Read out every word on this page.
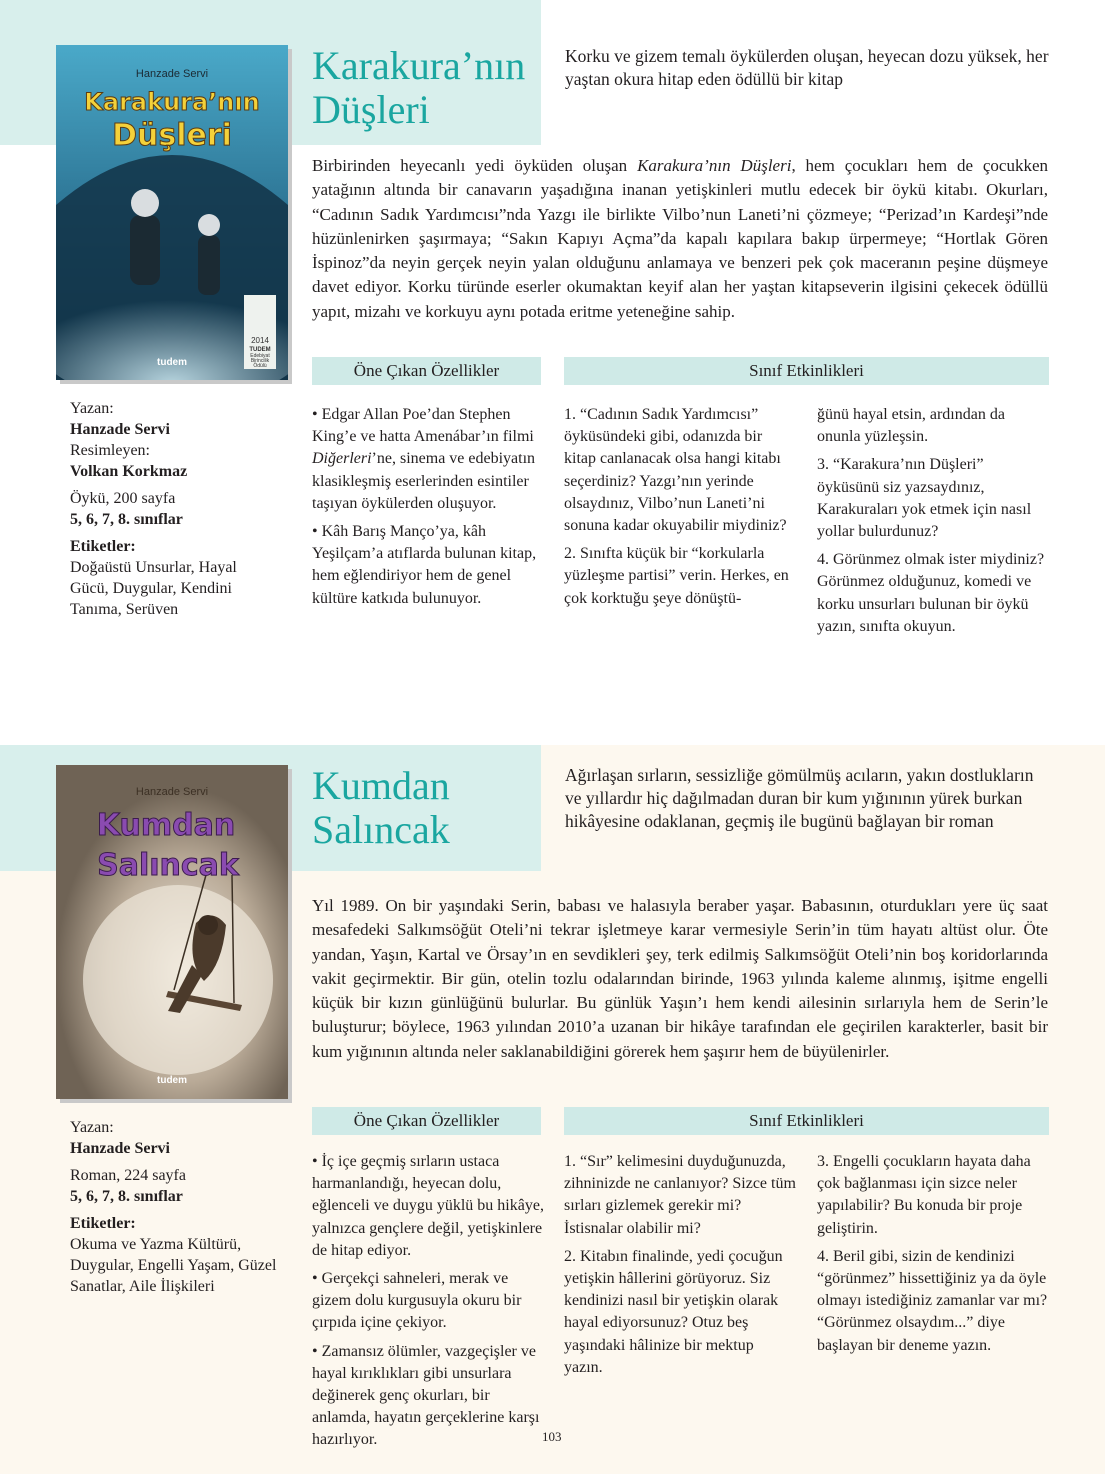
Hanzade Servi
Karakura’nın
Düşleri
2014
TUDEM
Edebiyat
Birincilik
Ödülü
tudem
Karakura’nın
Düşleri
Korku ve gizem temalı öykülerden oluşan, heyecan dozu yüksek, her yaştan okura hitap eden ödüllü bir kitap
Birbirinden heyecanlı yedi öyküden oluşan Karakura’nın Düşleri, hem çocukları hem de çocukken yatağının altında bir canavarın yaşadığına inanan yetişkinleri mutlu edecek bir öykü kitabı. Okurları, “Cadının Sadık Yardımcısı”nda Yazgı ile birlikte Vilbo’nun Laneti’ni çözmeye; “Perizad’ın Kardeşi”nde hüzünlenirken şaşırmaya; “Sakın Kapıyı Açma”da kapalı kapılara bakıp ürpermeye; “Hortlak Gören İspinoz”da neyin gerçek neyin yalan olduğunu anlamaya ve benzeri pek çok maceranın peşine düşmeye davet ediyor. Korku türünde eserler okumaktan keyif alan her yaştan kitapseverin ilgisini çekecek ödüllü yapıt, mizahı ve korkuyu aynı potada eritme yeteneğine sahip.
Öne Çıkan Özellikler	Sınıf Etkinlikleri
Yazan:
Hanzade Servi
Resimleyen:
Volkan Korkmaz
Öykü, 200 sayfa
5, 6, 7, 8. sınıflar
Etiketler:
Doğaüstü Unsurlar, Hayal Gücü, Duygular, Kendini Tanıma, Serüven

• Edgar Allan Poe’dan Stephen King’e ve hatta Amenábar’ın filmi Diğerleri’ne, sinema ve edebiyatın klasikleşmiş eserlerinden esintiler taşıyan öykülerden oluşuyor.

• Kâh Barış Manço’ya, kâh Yeşilçam’a atıflarda bulunan kitap, hem eğlendiriyor hem de genel kültüre katkıda bulunuyor.

1. “Cadının Sadık Yardımcısı” öyküsündeki gibi, odanızda bir kitap canlanacak olsa hangi kitabı seçerdiniz? Yazgı’nın yerinde olsaydınız, Vilbo’nun Laneti’ni sonuna kadar okuyabilir miydiniz?

2. Sınıfta küçük bir “korkularla yüzleşme partisi” verin. Herkes, en çok korktuğu şeye dönüştü-

ğünü hayal etsin, ardından da onunla yüzleşsin.

3. “Karakura’nın Düşleri” öyküsünü siz yazsaydınız, Karakuraları yok etmek için nasıl yollar bulurdunuz?

4. Görünmez olmak ister miydiniz? Görünmez olduğunuz, komedi ve korku unsurları bulunan bir öykü yazın, sınıfta okuyun.

Hanzade Servi
Kumdan
Salıncak
tudem
Kumdan
Salıncak
Ağırlaşan sırların, sessizliğe gömülmüş acıların, yakın dostlukların ve yıllardır hiç dağılmadan duran bir kum yığınının yürek burkan hikâyesine odaklanan, geçmiş ile bugünü bağlayan bir roman
Yıl 1989. On bir yaşındaki Serin, babası ve halasıyla beraber yaşar. Babasının, oturdukları yere üç saat mesafedeki Salkımsöğüt Oteli’ni tekrar işletmeye karar vermesiyle Serin’in tüm hayatı altüst olur. Öte yandan, Yaşın, Kartal ve Örsay’ın en sevdikleri şey, terk edilmiş Salkımsöğüt Oteli’nin boş koridorlarında vakit geçirmektir. Bir gün, otelin tozlu odalarından birinde, 1963 yılında kaleme alınmış, işitme engelli küçük bir kızın günlüğünü bulurlar. Bu günlük Yaşın’ı hem kendi ailesinin sırlarıyla hem de Serin’le buluşturur; böylece, 1963 yılından 2010’a uzanan bir hikâye tarafından ele geçirilen karakterler, basit bir kum yığınının altında neler saklanabildiğini görerek hem şaşırır hem de büyülenirler.
Öne Çıkan Özellikler	Sınıf Etkinlikleri
Yazan:
Hanzade Servi
Roman, 224 sayfa
5, 6, 7, 8. sınıflar
Etiketler:
Okuma ve Yazma Kültürü, Duygular, Engelli Yaşam, Güzel Sanatlar, Aile İlişkileri

• İç içe geçmiş sırların ustaca harmanlandığı, heyecan dolu, eğlenceli ve duygu yüklü bu hikâye, yalnızca gençlere değil, yetişkinlere de hitap ediyor.

• Gerçekçi sahneleri, merak ve gizem dolu kurgusuyla okuru bir çırpıda içine çekiyor.

• Zamansız ölümler, vazgeçişler ve hayal kırıklıkları gibi unsurlara değinerek genç okurları, bir anlamda, hayatın gerçeklerine karşı hazırlıyor.

1. “Sır” kelimesini duyduğunuzda, zihninizde ne canlanıyor? Sizce tüm sırları gizlemek gerekir mi? İstisnalar olabilir mi?

2. Kitabın finalinde, yedi çocuğun yetişkin hâllerini görüyoruz. Siz kendinizi nasıl bir yetişkin olarak hayal ediyorsunuz? Otuz beş yaşındaki hâlinize bir mektup yazın.

3. Engelli çocukların hayata daha çok bağlanması için sizce neler yapılabilir? Bu konuda bir proje geliştirin.

4. Beril gibi, sizin de kendinizi “görünmez” hissettiğiniz ya da öyle olmayı istediğiniz zamanlar var mı? “Görünmez olsaydım...” diye başlayan bir deneme yazın.

103
